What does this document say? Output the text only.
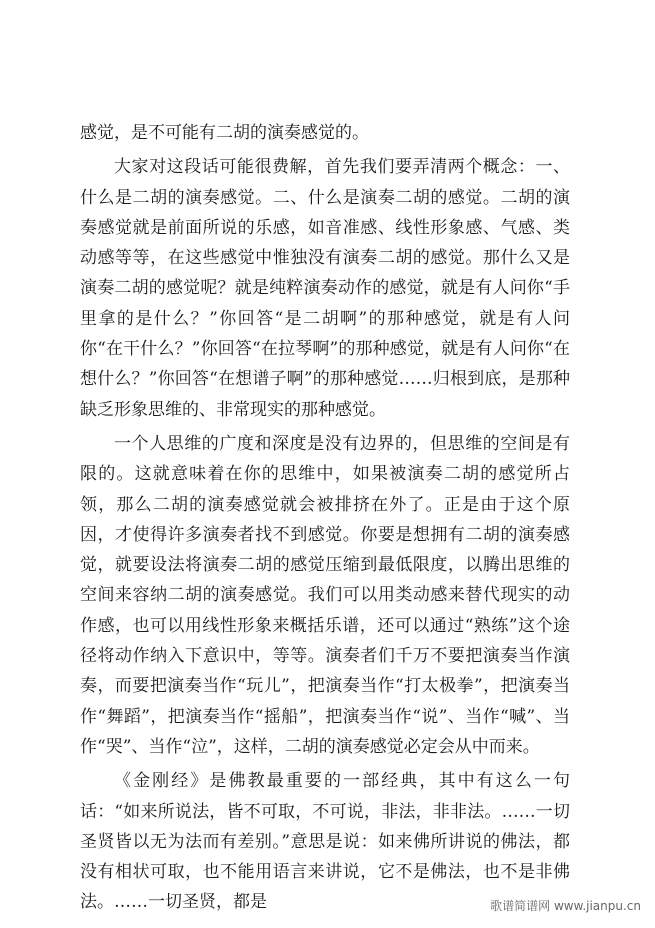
感觉，是不可能有二胡的演奏感觉的。

大家对这段话可能很费解，首先我们要弄清两个概念：一、什么是二胡的演奏感觉。二、什么是演奏二胡的感觉。二胡的演奏感觉就是前面所说的乐感，如音准感、线性形象感、气感、类动感等等，在这些感觉中惟独没有演奏二胡的感觉。那什么又是演奏二胡的感觉呢？就是纯粹演奏动作的感觉，就是有人问你“手里拿的是什么？”你回答“是二胡啊”的那种感觉，就是有人问你“在干什么？”你回答“在拉琴啊”的那种感觉，就是有人问你“在想什么？”你回答“在想谱子啊”的那种感觉……归根到底，是那种缺乏形象思维的、非常现实的那种感觉。

一个人思维的广度和深度是没有边界的，但思维的空间是有限的。这就意味着在你的思维中，如果被演奏二胡的感觉所占领，那么二胡的演奏感觉就会被排挤在外了。正是由于这个原因，才使得许多演奏者找不到感觉。你要是想拥有二胡的演奏感觉，就要设法将演奏二胡的感觉压缩到最低限度，以腾出思维的空间来容纳二胡的演奏感觉。我们可以用类动感来替代现实的动作感，也可以用线性形象来概括乐谱，还可以通过“熟练”这个途径将动作纳入下意识中，等等。演奏者们千万不要把演奏当作演奏，而要把演奏当作“玩儿”，把演奏当作“打太极拳”，把演奏当作“舞蹈”，把演奏当作“摇船”，把演奏当作“说”、当作“喊”、当作“哭”、当作“泣”，这样，二胡的演奏感觉必定会从中而来。

《金刚经》是佛教最重要的一部经典，其中有这么一句话：“如来所说法，皆不可取，不可说，非法，非非法。……一切圣贤皆以无为法而有差别。”意思是说：如来佛所讲说的佛法，都没有相状可取，也不能用语言来讲说，它不是佛法，也不是非佛法。……一切圣贤，都是	歌谱简谱网 www.jianpu.cn
